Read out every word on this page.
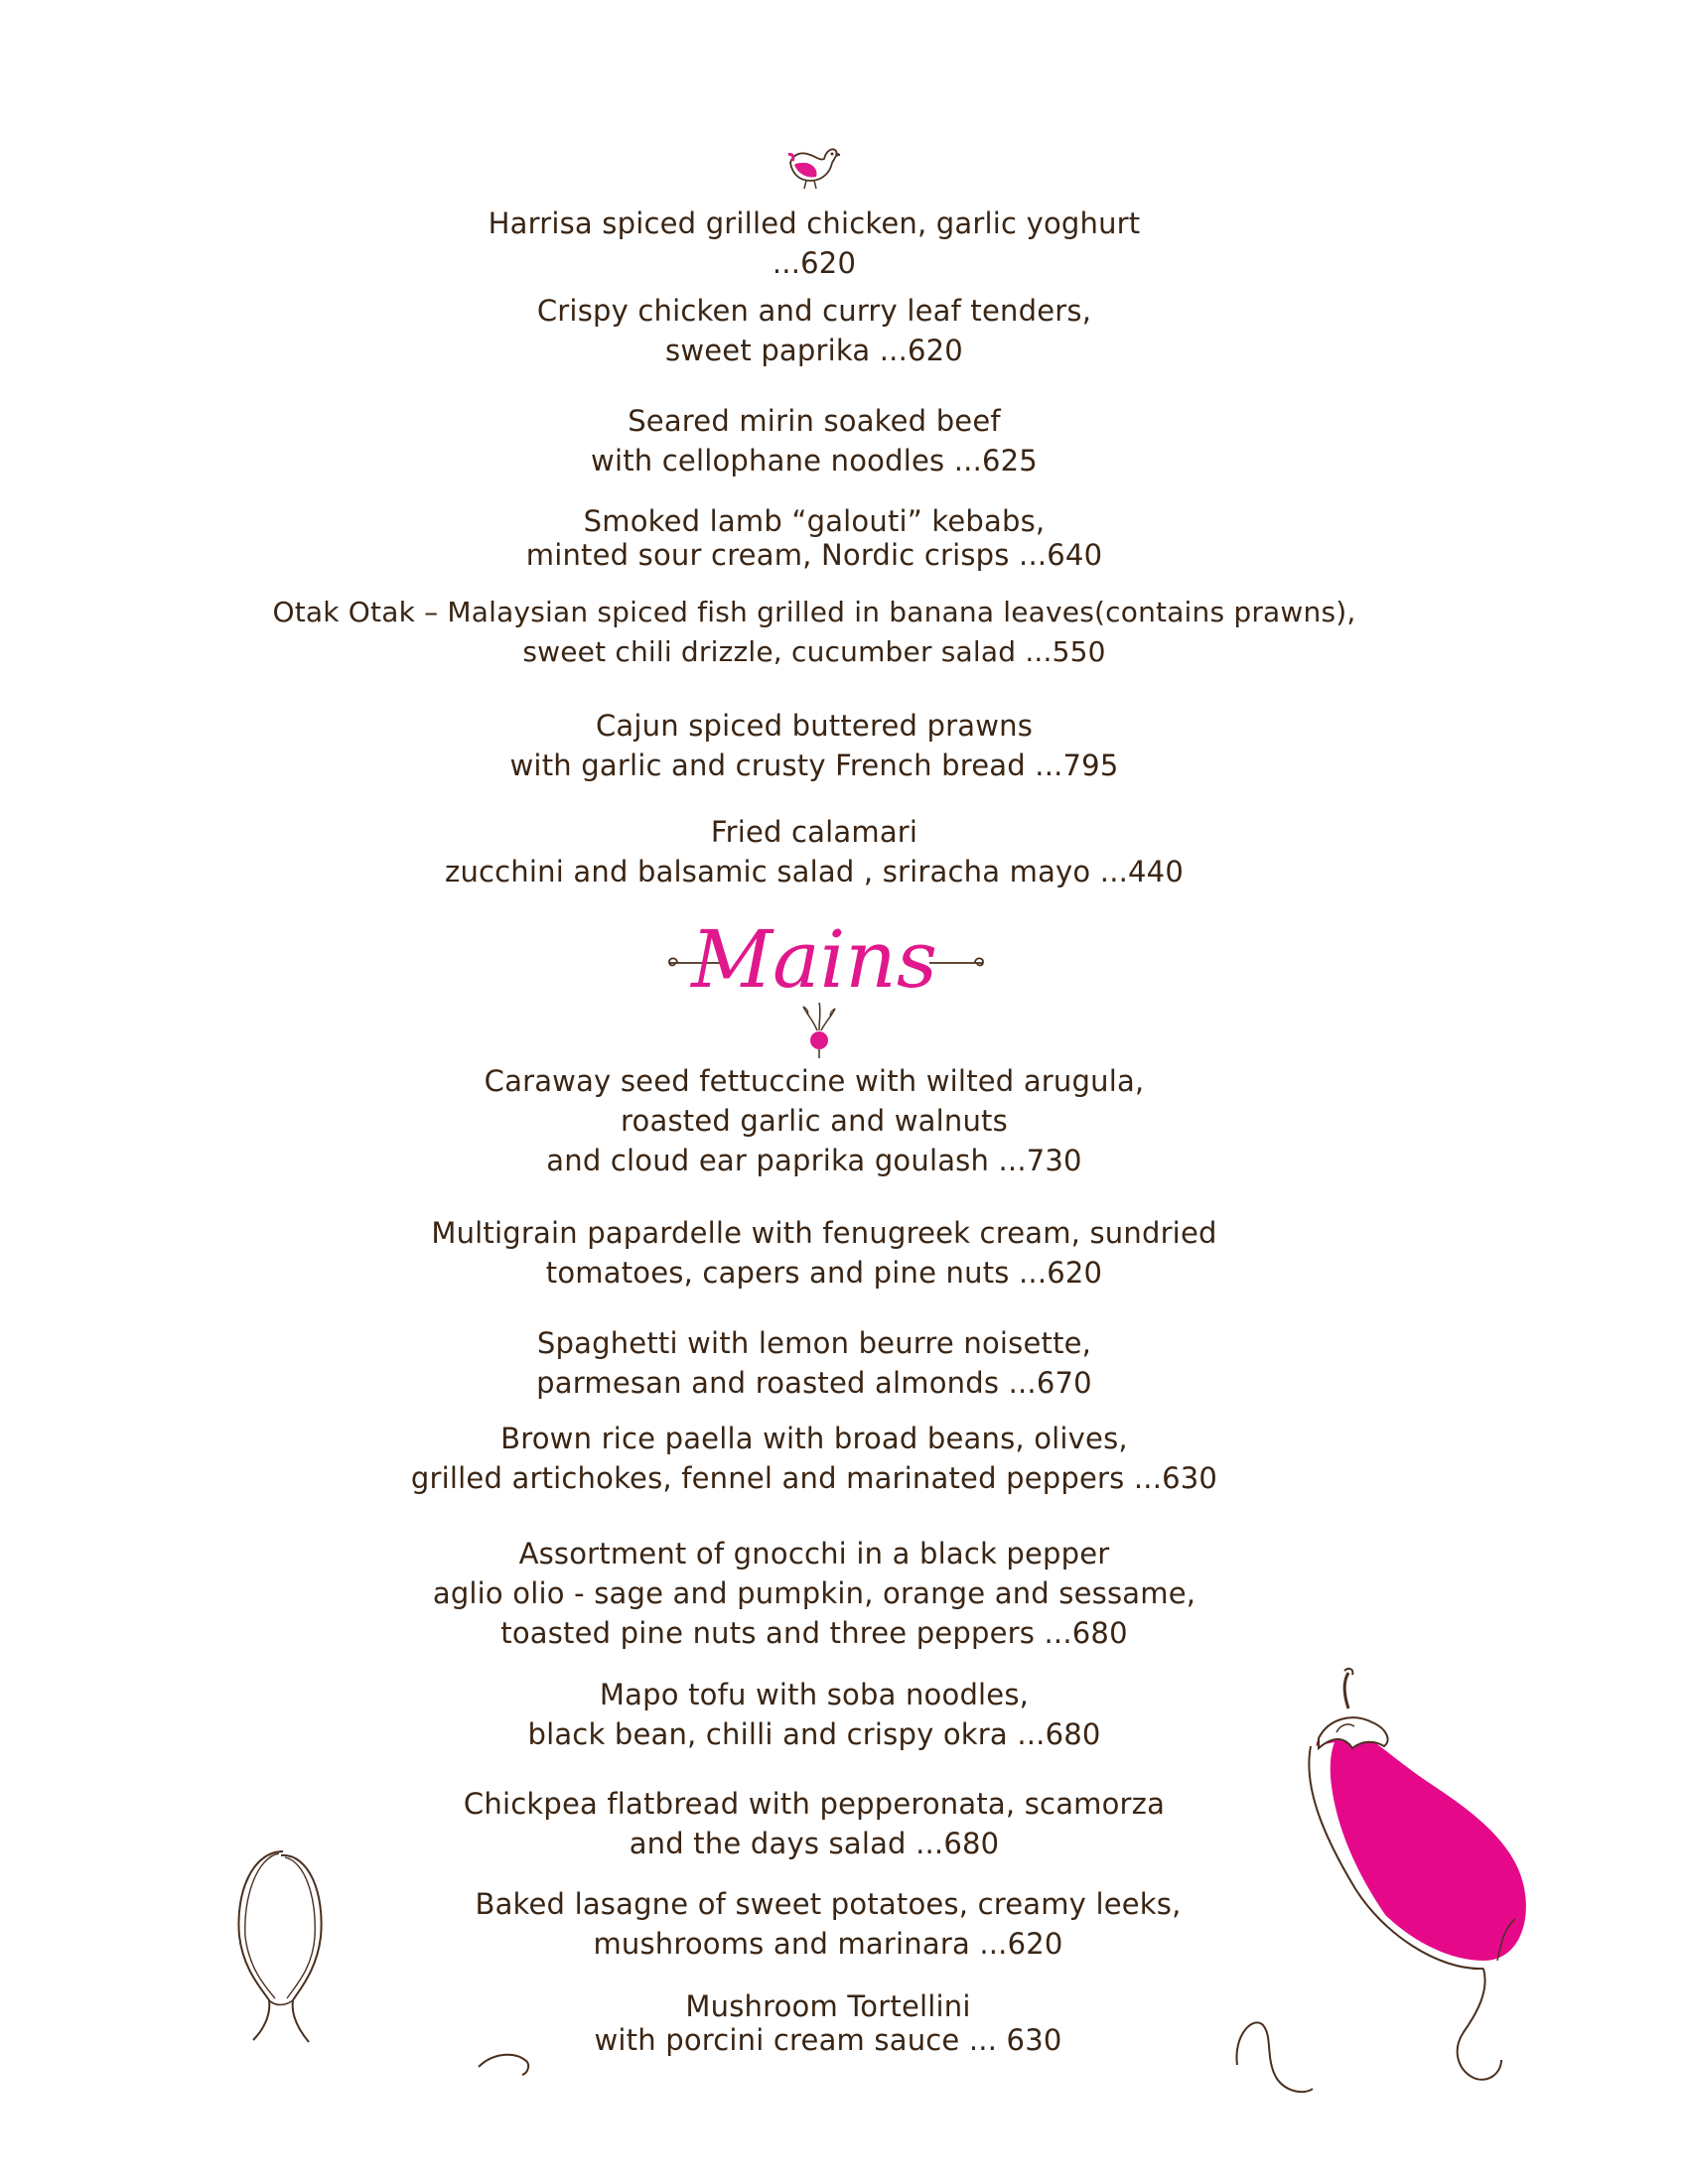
Harrisa spiced grilled chicken, garlic yoghurt
...620
Crispy chicken and curry leaf tenders,
sweet paprika ...620
Seared mirin soaked beef
with cellophane noodles ...625
Smoked lamb “galouti” kebabs,
minted sour cream, Nordic crisps ...640
Otak Otak – Malaysian spiced fish grilled in banana leaves(contains prawns),
sweet chili drizzle, cucumber salad ...550
Cajun spiced buttered prawns
with garlic and crusty French bread ...795
Fried calamari
zucchini and balsamic salad , sriracha mayo ...440
Mains
Caraway seed fettuccine with wilted arugula,
roasted garlic and walnuts
and cloud ear paprika goulash ...730
Multigrain papardelle with fenugreek cream, sundried
tomatoes, capers and pine nuts ...620
Spaghetti with lemon beurre noisette,
parmesan and roasted almonds ...670
Brown rice paella with broad beans, olives,
grilled artichokes, fennel and marinated peppers ...630
Assortment of gnocchi in a black pepper
aglio olio - sage and pumpkin, orange and sessame,
toasted pine nuts and three peppers ...680
Mapo tofu with soba noodles,
black bean, chilli and crispy okra ...680
Chickpea flatbread with pepperonata, scamorza
and the days salad ...680
Baked lasagne of sweet potatoes, creamy leeks,
mushrooms and marinara ...620
Mushroom Tortellini
with porcini cream sauce ... 630
